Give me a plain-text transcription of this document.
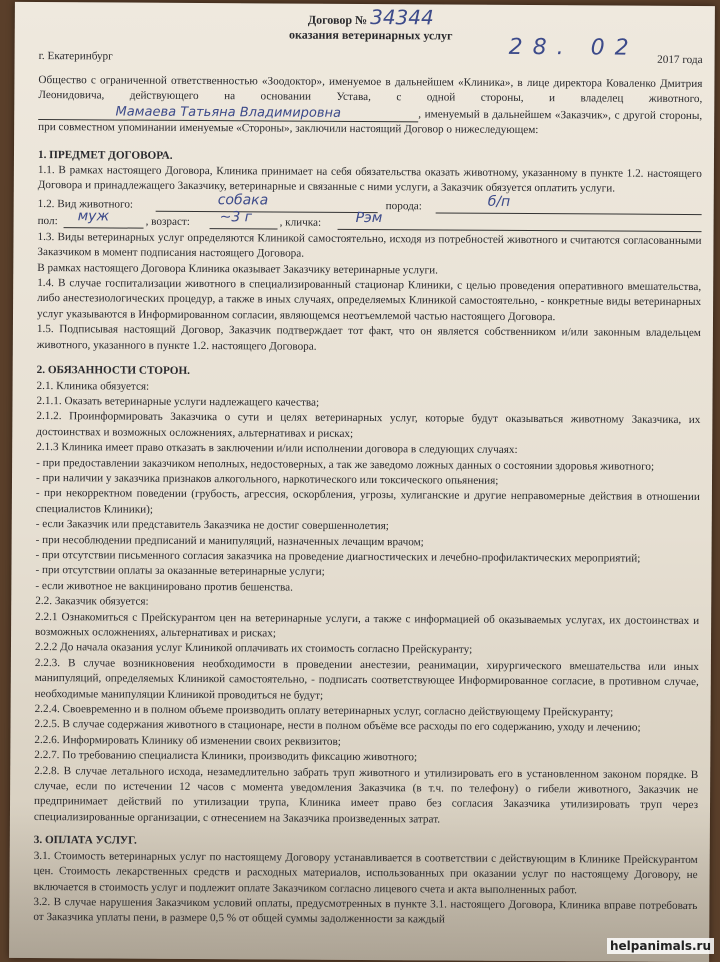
Договор № 34344
оказания ветеринарных услуг
г. Екатеринбург	28. 02 2017 года

Общество с ограниченной ответственностью «Зоодоктор», именуемое в дальнейшем «Клиника», в лице директора Коваленко Дмитрия Леонидовича, действующего на основании Устава, с одной стороны, и владелец животного, Мамаева Татьяна Владимировна	, именуемый в дальнейшем «Заказчик», с другой стороны, при совместном упоминании именуемые «Стороны», заключили настоящий Договор о нижеследующем:

1. ПРЕДМЕТ ДОГОВОРА.

1.1. В рамках настоящего Договора, Клиника принимает на себя обязательства оказать животному, указанному в пункте 1.2. настоящего Договора и принадлежащего Заказчику, ветеринарные и связанные с ними услуги, а Заказчик обязуется оплатить услуги.

1.2. Вид животного:	собака	порода:	б/п
пол: муж	, возраст: ~3 г , кличка: Рэм

1.3. Виды ветеринарных услуг определяются Клиникой самостоятельно, исходя из потребностей животного и считаются согласованными Заказчиком в момент подписания настоящего Договора.

В рамках настоящего Договора Клиника оказывает Заказчику ветеринарные услуги.

1.4. В случае госпитализации животного в специализированный стационар Клиники, с целью проведения оперативного вмешательства, либо анестезиологических процедур, а также в иных случаях, определяемых Клиникой самостоятельно, - конкретные виды ветеринарных услуг указываются в Информированном согласии, являющемся неотъемлемой частью настоящего Договора.

1.5. Подписывая настоящий Договор, Заказчик подтверждает тот факт, что он является собственником и/или законным владельцем животного, указанного в пункте 1.2. настоящего Договора.

2. ОБЯЗАННОСТИ СТОРОН.

2.1. Клиника обязуется:

2.1.1. Оказать ветеринарные услуги надлежащего качества;

2.1.2. Проинформировать Заказчика о сути и целях ветеринарных услуг, которые будут оказываться животному Заказчика, их достоинствах и возможных осложнениях, альтернативах и рисках;

2.1.3 Клиника имеет право отказать в заключении и/или исполнении договора в следующих случаях:

- при предоставлении заказчиком неполных, недостоверных, а так же заведомо ложных данных о состоянии здоровья животного;

- при наличии у заказчика признаков алкогольного, наркотического или токсического опьянения;

- при некорректном поведении (грубость, агрессия, оскорбления, угрозы, хулиганские и другие неправомерные действия в отношении специалистов Клиники);

- если Заказчик или представитель Заказчика не достиг совершеннолетия;

- при несоблюдении предписаний и манипуляций, назначенных лечащим врачом;

- при отсутствии письменного согласия заказчика на проведение диагностических и лечебно-профилактических мероприятий;

- при отсутствии оплаты за оказанные ветеринарные услуги;

- если животное не вакцинировано против бешенства.

2.2. Заказчик обязуется:

2.2.1 Ознакомиться с Прейскурантом цен на ветеринарные услуги, а также с информацией об оказываемых услугах, их достоинствах и возможных осложнениях, альтернативах и рисках;

2.2.2 До начала оказания услуг Клиникой оплачивать их стоимость согласно Прейскуранту;

2.2.3. В случае возникновения необходимости в проведении анестезии, реанимации, хирургического вмешательства или иных манипуляций, определяемых Клиникой самостоятельно, - подписать соответствующее Информированное согласие, в противном случае, необходимые манипуляции Клиникой проводиться не будут;

2.2.4. Своевременно и в полном объеме производить оплату ветеринарных услуг, согласно действующему Прейскуранту;

2.2.5. В случае содержания животного в стационаре, нести в полном объёме все расходы по его содержанию, уходу и лечению;

2.2.6. Информировать Клинику об изменении своих реквизитов;

2.2.7. По требованию специалиста Клиники, производить фиксацию животного;

2.2.8. В случае летального исхода, незамедлительно забрать труп животного и утилизировать его в установленном законом порядке. В случае, если по истечении 12 часов с момента уведомления Заказчика (в т.ч. по телефону) о гибели животного, Заказчик не предпринимает действий по утилизации трупа, Клиника имеет право без согласия Заказчика утилизировать труп через специализированные организации, с отнесением на Заказчика произведенных затрат.

3. ОПЛАТА УСЛУГ.

3.1. Стоимость ветеринарных услуг по настоящему Договору устанавливается в соответствии с действующим в Клинике Прейскурантом цен. Стоимость лекарственных средств и расходных материалов, использованных при оказании услуг по настоящему Договору, не включается в стоимость услуг и подлежит оплате Заказчиком согласно лицевого счета и акта выполненных работ.

3.2. В случае нарушения Заказчиком условий оплаты, предусмотренных в пункте 3.1. настоящего Договора, Клиника вправе потребовать от Заказчика уплаты пени, в размере 0,5 % от общей суммы задолженности за каждый

helpanimals.ru
